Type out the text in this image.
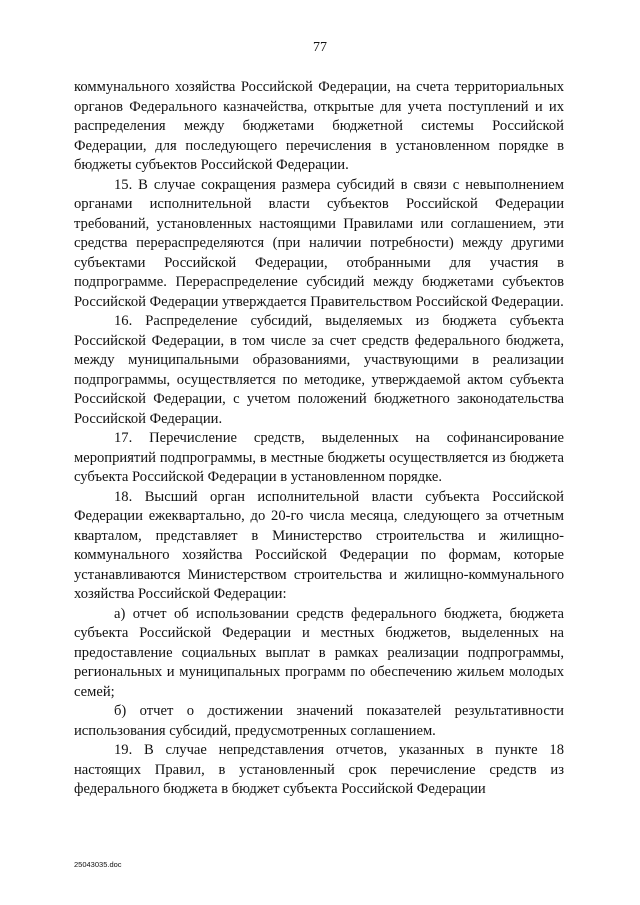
77

коммунального хозяйства Российской Федерации, на счета территориальных органов Федерального казначейства, открытые для учета поступлений и их распределения между бюджетами бюджетной системы Российской Федерации, для последующего перечисления в установленном порядке в бюджеты субъектов Российской Федерации.

15. В случае сокращения размера субсидий в связи с невыполнением органами исполнительной власти субъектов Российской Федерации требований, установленных настоящими Правилами или соглашением, эти средства перераспределяются (при наличии потребности) между другими субъектами Российской Федерации, отобранными для участия в подпрограмме. Перераспределение субсидий между бюджетами субъектов Российской Федерации утверждается Правительством Российской Федерации.

16. Распределение субсидий, выделяемых из бюджета субъекта Российской Федерации, в том числе за счет средств федерального бюджета, между муниципальными образованиями, участвующими в реализации подпрограммы, осуществляется по методике, утверждаемой актом субъекта Российской Федерации, с учетом положений бюджетного законодательства Российской Федерации.

17. Перечисление средств, выделенных на софинансирование мероприятий подпрограммы, в местные бюджеты осуществляется из бюджета субъекта Российской Федерации в установленном порядке.

18. Высший орган исполнительной власти субъекта Российской Федерации ежеквартально, до 20-го числа месяца, следующего за отчетным кварталом, представляет в Министерство строительства и жилищно-коммунального хозяйства Российской Федерации по формам, которые устанавливаются Министерством строительства и жилищно-коммунального хозяйства Российской Федерации:

а) отчет об использовании средств федерального бюджета, бюджета субъекта Российской Федерации и местных бюджетов, выделенных на предоставление социальных выплат в рамках реализации подпрограммы, региональных и муниципальных программ по обеспечению жильем молодых семей;

б) отчет о достижении значений показателей результативности использования субсидий, предусмотренных соглашением.

19. В случае непредставления отчетов, указанных в пункте 18 настоящих Правил, в установленный срок перечисление средств из федерального бюджета в бюджет субъекта Российской Федерации

25043035.doc
